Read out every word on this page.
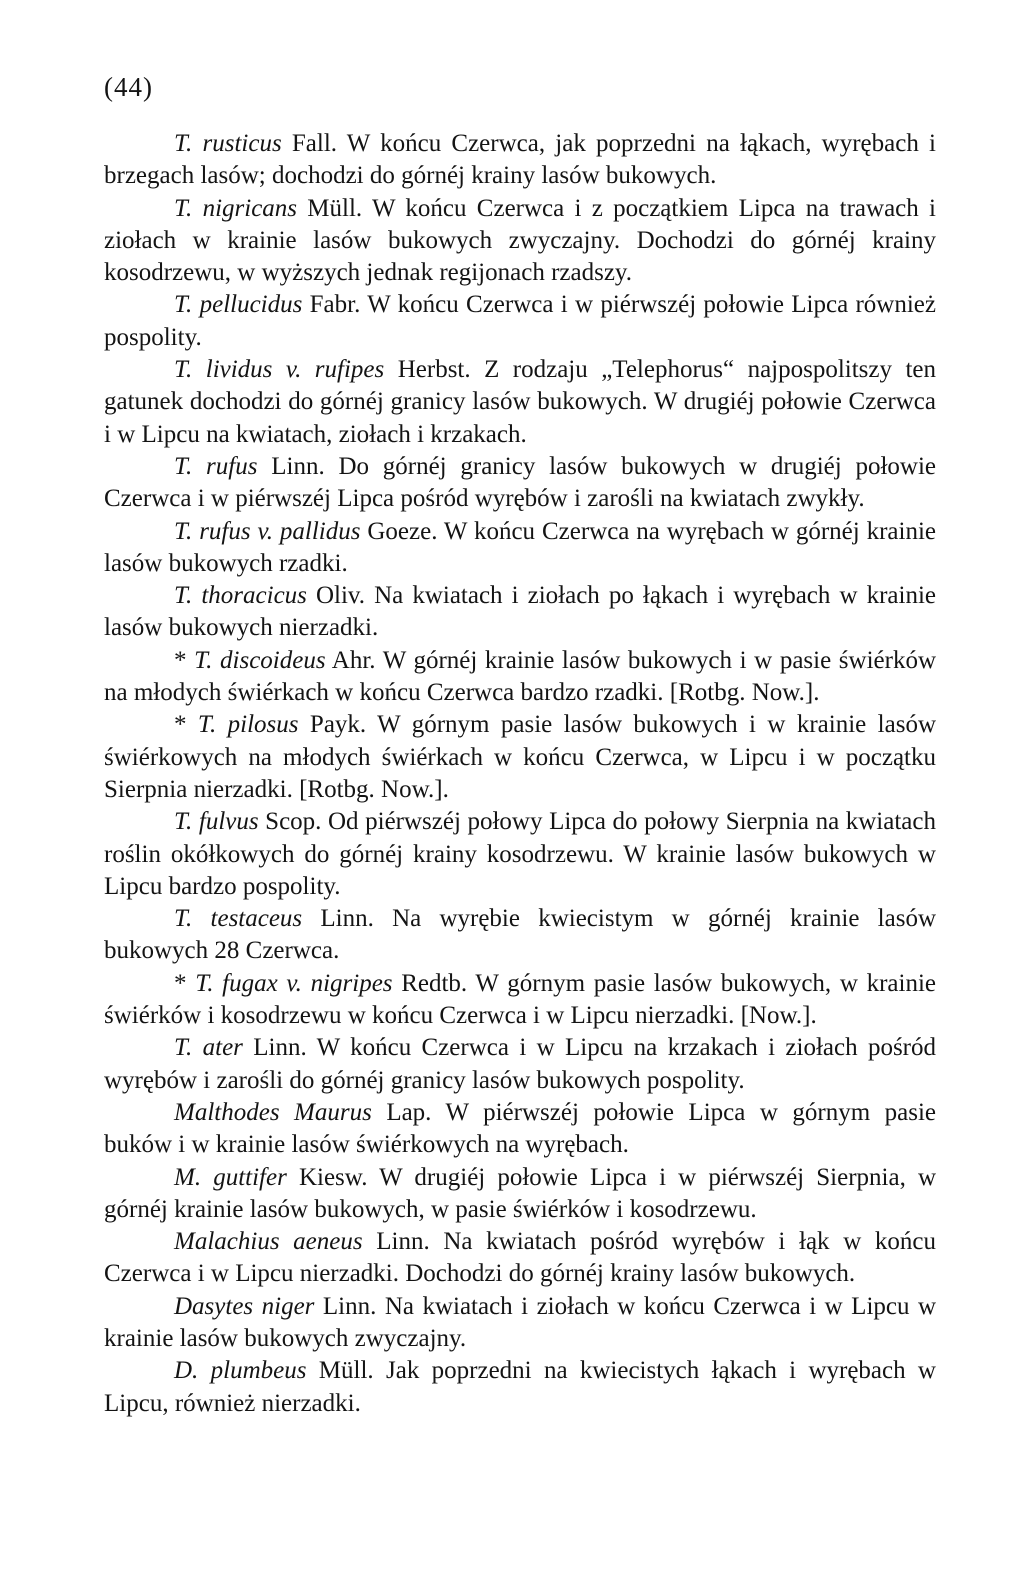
(44)

T. rusticus Fall. W końcu Czerwca, jak poprzedni na łąkach, wyrębach i brzegach lasów; dochodzi do górnéj krainy lasów bukowych.

T. nigricans Müll. W końcu Czerwca i z początkiem Lipca na trawach i ziołach w krainie lasów bukowych zwyczajny. Dochodzi do górnéj krainy kosodrzewu, w wyższych jednak regijonach rzadszy.

T. pellucidus Fabr. W końcu Czerwca i w piérwszéj połowie Lipca również pospolity.

T. lividus v. rufipes Herbst. Z rodzaju „Telephorus“ najpospolitszy ten gatunek dochodzi do górnéj granicy lasów bukowych. W drugiéj połowie Czerwca i w Lipcu na kwiatach, ziołach i krzakach.

T. rufus Linn. Do górnéj granicy lasów bukowych w drugiéj połowie Czerwca i w piérwszéj Lipca pośród wyrębów i zarośli na kwiatach zwykły.

T. rufus v. pallidus Goeze. W końcu Czerwca na wyrębach w górnéj krainie lasów bukowych rzadki.

T. thoracicus Oliv. Na kwiatach i ziołach po łąkach i wyrębach w krainie lasów bukowych nierzadki.

* T. discoideus Ahr. W górnéj krainie lasów bukowych i w pasie świérków na młodych świérkach w końcu Czerwca bardzo rzadki. [Rotbg. Now.].

* T. pilosus Payk. W górnym pasie lasów bukowych i w krainie lasów świérkowych na młodych świérkach w końcu Czerwca, w Lipcu i w początku Sierpnia nierzadki. [Rotbg. Now.].

T. fulvus Scop. Od piérwszéj połowy Lipca do połowy Sierpnia na kwiatach roślin okółkowych do górnéj krainy kosodrzewu. W krainie lasów bukowych w Lipcu bardzo pospolity.

T. testaceus Linn. Na wyrębie kwiecistym w górnéj krainie lasów bukowych 28 Czerwca.

* T. fugax v. nigripes Redtb. W górnym pasie lasów bukowych, w krainie świérków i kosodrzewu w końcu Czerwca i w Lipcu nierzadki. [Now.].

T. ater Linn. W końcu Czerwca i w Lipcu na krzakach i ziołach pośród wyrębów i zarośli do górnéj granicy lasów bukowych pospolity.

Malthodes Maurus Lap. W piérwszéj połowie Lipca w górnym pasie buków i w krainie lasów świérkowych na wyrębach.

M. guttifer Kiesw. W drugiéj połowie Lipca i w piérwszéj Sierpnia, w górnéj krainie lasów bukowych, w pasie świérków i kosodrzewu.

Malachius aeneus Linn. Na kwiatach pośród wyrębów i łąk w końcu Czerwca i w Lipcu nierzadki. Dochodzi do górnéj krainy lasów bukowych.

Dasytes niger Linn. Na kwiatach i ziołach w końcu Czerwca i w Lipcu w krainie lasów bukowych zwyczajny.

D. plumbeus Müll. Jak poprzedni na kwiecistych łąkach i wyrębach w Lipcu, również nierzadki.
